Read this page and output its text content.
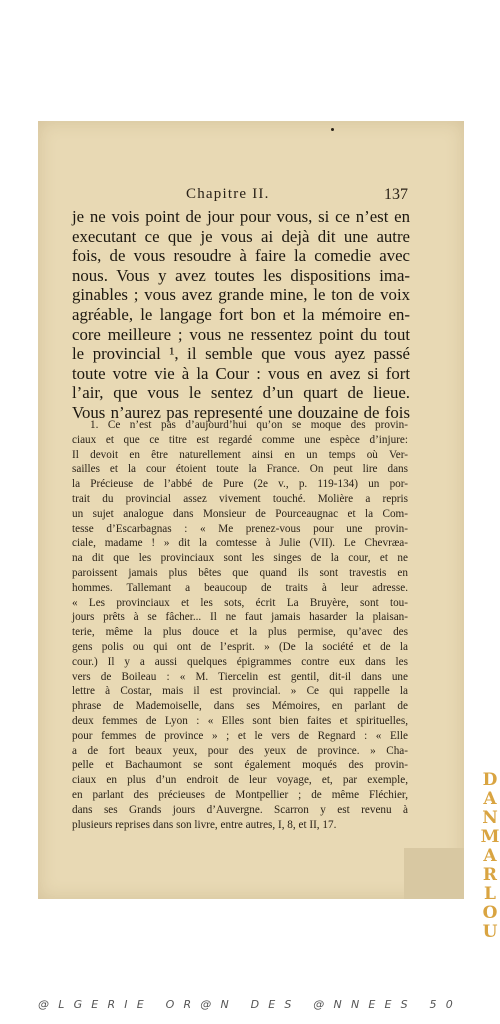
Chapitre II.	137

je ne vois point de jour pour vous, si ce n’est en
executant ce que je vous ai dejà dit une autre
fois, de vous resoudre à faire la comedie avec
nous. Vous y avez toutes les dispositions ima-
ginables ; vous avez grande mine, le ton de voix
agréable, le langage fort bon et la mémoire en-
core meilleure ; vous ne ressentez point du tout
le provincial ¹, il semble que vous ayez passé
toute votre vie à la Cour : vous en avez si fort
l’air, que vous le sentez d’un quart de lieue.
Vous n’aurez pas representé une douzaine de fois

1. Ce n’est pas d’aujourd’hui qu’on se moque des provin-
ciaux et que ce titre est regardé comme une espèce d’injure:
Il devoit en être naturellement ainsi en un temps où Ver-
sailles et la cour étoient toute la France. On peut lire dans
la Précieuse de l’abbé de Pure (2e v., p. 119-134) un por-
trait du provincial assez vivement touché. Molière a repris
un sujet analogue dans Monsieur de Pourceaugnac et la Com-
tesse d’Escarbagnas : « Me prenez-vous pour une provin-
ciale, madame ! » dit la comtesse à Julie (VII). Le Chevræa-
na dit que les provinciaux sont les singes de la cour, et ne
paroissent jamais plus bêtes que quand ils sont travestis en
hommes. Tallemant a beaucoup de traits à leur adresse.
« Les provinciaux et les sots, écrit La Bruyère, sont tou-
jours prêts à se fâcher... Il ne faut jamais hasarder la plaisan-
terie, même la plus douce et la plus permise, qu’avec des
gens polis ou qui ont de l’esprit. » (De la société et de la
cour.) Il y a aussi quelques épigrammes contre eux dans les
vers de Boileau : « M. Tiercelin est gentil, dit-il dans une
lettre à Costar, mais il est provincial. » Ce qui rappelle la
phrase de Mademoiselle, dans ses Mémoires, en parlant de
deux femmes de Lyon : « Elles sont bien faites et spirituelles,
pour femmes de province » ; et le vers de Regnard : « Elle
a de fort beaux yeux, pour des yeux de province. » Cha-
pelle et Bachaumont se sont également moqués des provin-
ciaux en plus d’un endroit de leur voyage, et, par exemple,
en parlant des précieuses de Montpellier ; de même Fléchier,
dans ses Grands jours d’Auvergne. Scarron y est revenu à
plusieurs reprises dans son livre, entre autres, I, 8, et II, 17.	DANMARLOU
@LGERIE OR@N DES @NNEES 50
